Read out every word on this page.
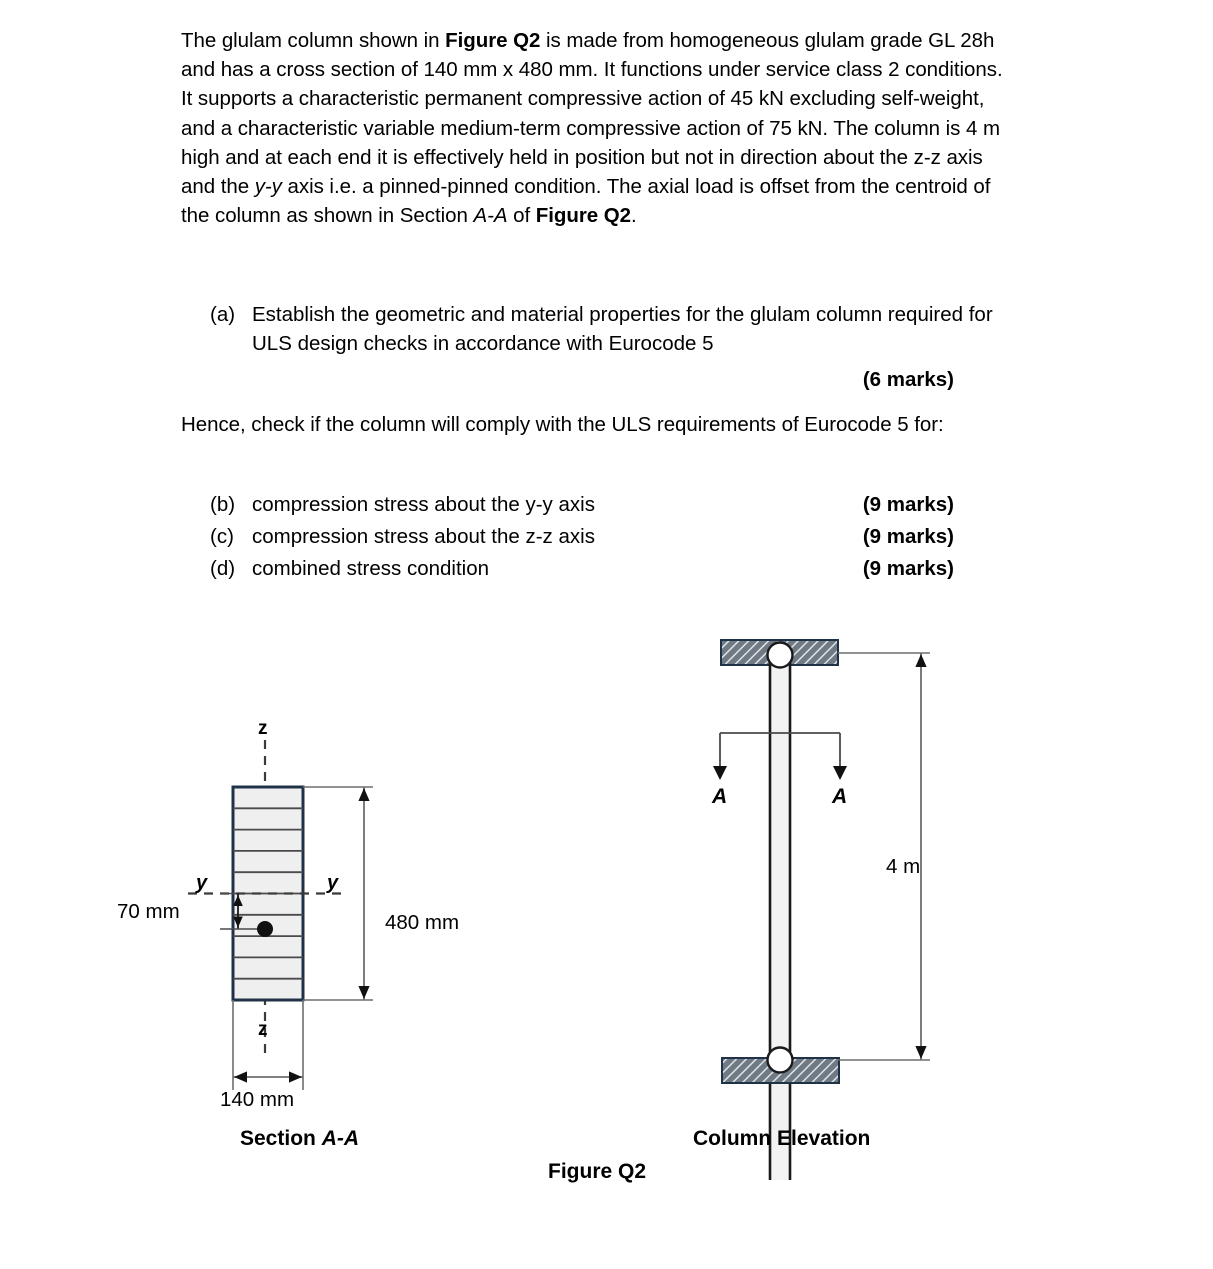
The glulam column shown in Figure Q2 is made from homogeneous glulam grade GL 28h and has a cross section of 140 mm x 480 mm. It functions under service class 2 conditions. It supports a characteristic permanent compressive action of 45 kN excluding self-weight, and a characteristic variable medium-term compressive action of 75 kN. The column is 4 m high and at each end it is effectively held in position but not in direction about the z-z axis and the y-y axis i.e. a pinned-pinned condition. The axial load is offset from the centroid of the column as shown in Section A-A of Figure Q2.

(a) Establish the geometric and material properties for the glulam column required for ULS design checks in accordance with Eurocode 5
(6 marks)

Hence, check if the column will comply with the ULS requirements of Eurocode 5 for:

(b) compression stress about the y-y axis	(9 marks)
(c) compression stress about the z-z axis	(9 marks)
(d) combined stress condition	(9 marks)
z
z
y	y
70 mm	480 mm
140 mm
Section A-A
A	A
4 m
Column Elevation
Figure Q2
